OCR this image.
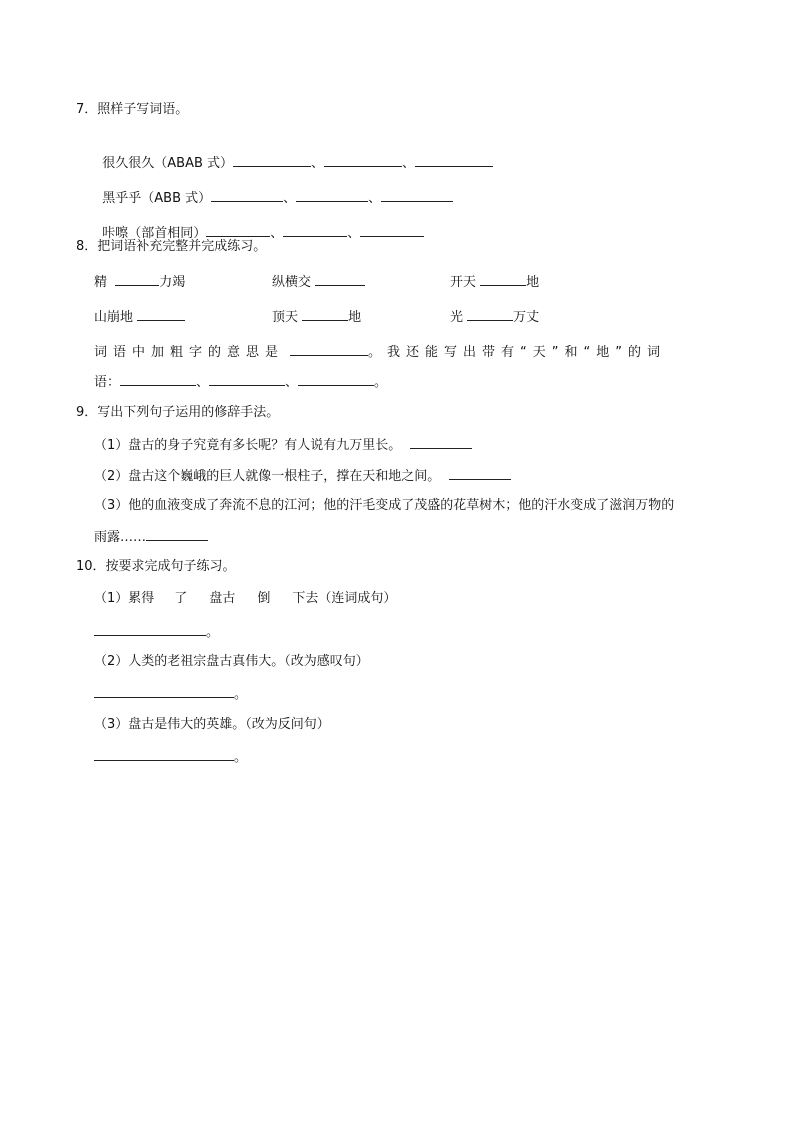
7．照样子写词语。

很久很久（ABAB 式）	、	、

黑乎乎（ABB 式）	、	、

咔嚓（部首相同）	、	、

8．把词语补充完整并完成练习。
精	力竭	纵横交	开天	地
山崩地	顶天	地	光	万丈
词语中加粗字的意思是	。我还能写出带有“天”和“地”的词
语：	、	、	。
9．写出下列句子运用的修辞手法。
（1）盘古的身子究竟有多长呢？有人说有九万里长。
（2）盘古这个巍峨的巨人就像一根柱子，撑在天和地之间。
（3）他的血液变成了奔流不息的江河；他的汗毛变成了茂盛的花草树木；他的汗水变成了滋润万物的
雨露……
10．按要求完成句子练习。
（1）累得 了 盘古 倒 下去（连词成句）
。
（2）人类的老祖宗盘古真伟大。（改为感叹句）
。
（3）盘古是伟大的英雄。（改为反问句）
。
